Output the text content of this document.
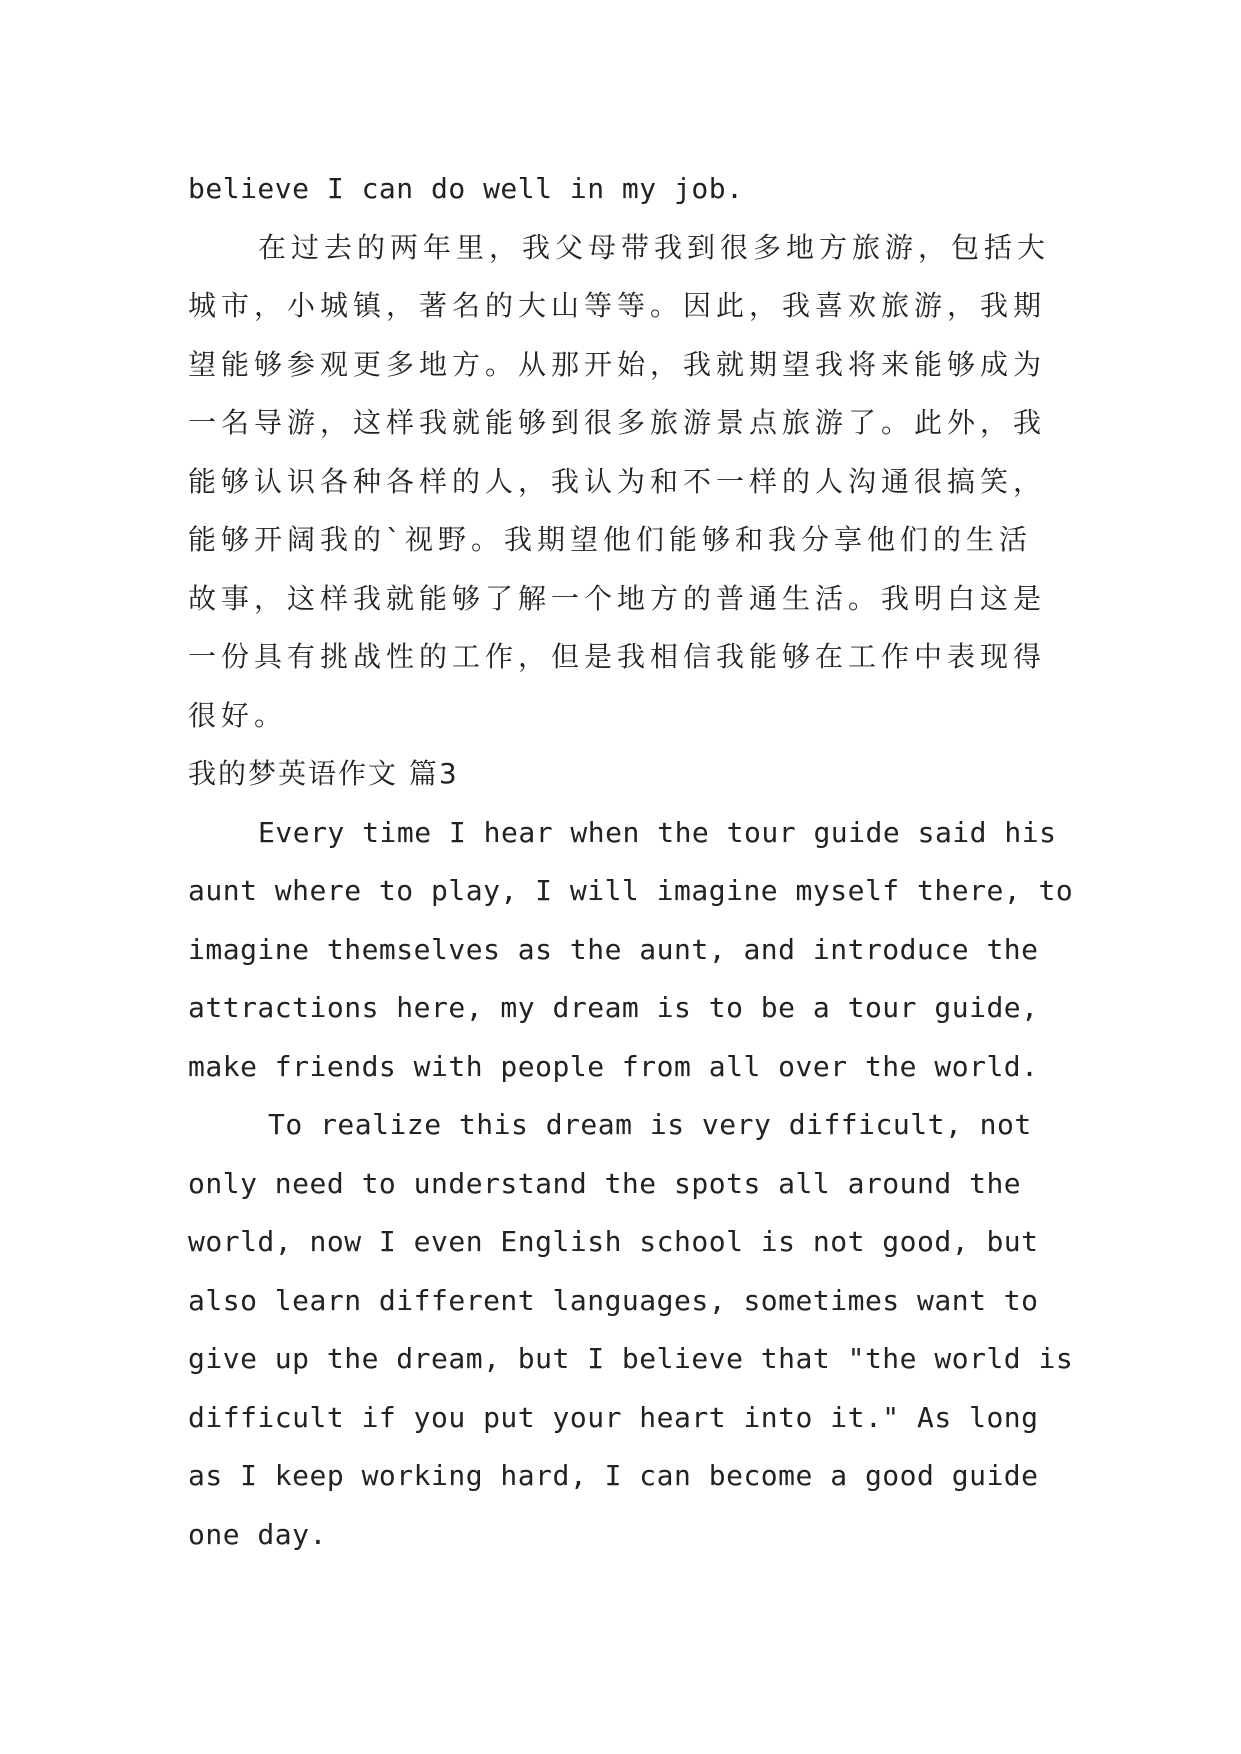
believe I can do well in my job.
在过去的两年里，我父母带我到很多地方旅游，包括大
城市，小城镇，著名的大山等等。因此，我喜欢旅游，我期
望能够参观更多地方。从那开始，我就期望我将来能够成为
一名导游，这样我就能够到很多旅游景点旅游了。此外，我
能够认识各种各样的人，我认为和不一样的人沟通很搞笑，
能够开阔我的`视野。我期望他们能够和我分享他们的生活
故事，这样我就能够了解一个地方的普通生活。我明白这是
一份具有挑战性的工作，但是我相信我能够在工作中表现得
很好。
我的梦英语作文 篇3
Every time I hear when the tour guide said his
aunt where to play, I will imagine myself there, to
imagine themselves as the aunt, and introduce the
attractions here, my dream is to be a tour guide,
make friends with people from all over the world.
To realize this dream is very difficult, not
only need to understand the spots all around the
world, now I even English school is not good, but
also learn different languages, sometimes want to
give up the dream, but I believe that "the world is
difficult if you put your heart into it." As long
as I keep working hard, I can become a good guide
one day.
